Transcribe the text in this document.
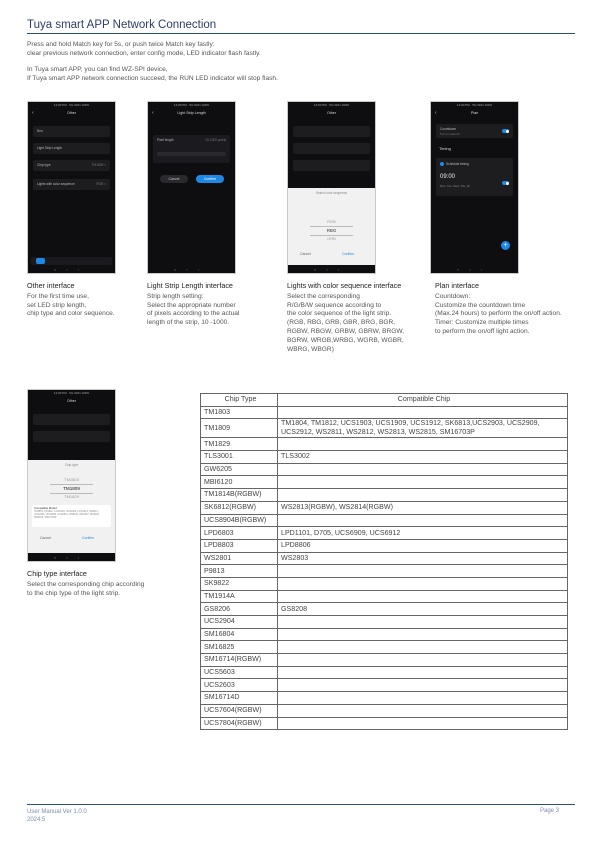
Tuya smart APP Network Connection

Press and hold Match key for 5s, or push twice Match key fastly:

clear previous network connection, enter config mode, LED indicator flash fastly.

In Tuya smart APP, you can find WZ-SPI device,

If Tuya smart APP network connection succeed, the RUN LED indicator will stop flash.

12:00 PM · 5G·WiFi·100%
‹	Other
Nvo
Light Strip Length
Chip type	TM1809 >
Lights with color sequence	RGB >
≡○‹
12:00 PM · 5G·WiFi·100%
‹	Light Strip Length
Pixel length	10-1000 pixels
Cancel	Confirm
≡○‹
12:00 PM · 5G·WiFi·100%
Other
Select color sequence
RGB
RBG
GRB
Cancel	Confirm
≡○‹
12:00 PM · 5G·WiFi·100%
‹	Plan
Countdown
Turn on after 0h
Timing
Schedule timing
09:00
Mon, Tue, Wed, Thu, Fri
+
≡○‹
Other interface
For the first time use,
set LED strip length,
chip type and color sequence.
Light Strip Length interface
Strip length setting:
Select the appropriate number
of pixels according to the actual
length of the strip, 10 -1000.
Lights with color sequence interface
Select the corresponding
R/G/B/W sequence according to
the color sequence of the light strip.
(RGB, RBG, GRB, GBR, BRG, BGR,
RGBW, RBGW, GRBW, GBRW, BRGW,
BGRW, WRGB,WRBG, WGRB, WGBR,
WBRG, WBGR)
Plan interface
Countdown:
Customize the countdown time
(Max.24 hours) to perform the on/off action.
Timer: Customize multiple times
to perform the on/off light action.
12:00 PM · 5G·WiFi·100%
Other
Chip type
TM1803
TM1809
TM1829
Compatible Model:
TM1804, TM1812, UCS1903, UCS1909, UCS1912, SK6813, UCS2903, UCS2909, UCS2912, WS2811, WS2812, WS2813, WS2815, SM16703P
Cancel	Confirm
≡○‹
Chip type interface
Select the corresponding chip according
to the chip type of the light strip.
Chip Type	Compatible Chip
TM1803	
TM1809	TM1804, TM1812, UCS1903, UCS1909, UCS1912, SK6813,UCS2903, UCS2909, UCS2912, WS2811, WS2812, WS2813, WS2815, SM16703P
TM1829	
TLS3001	TLS3002
GW6205	
MBI6120	
TM1814B(RGBW)	
SK6812(RGBW)	WS2813(RGBW), WS2814(RGBW)
UCS8904B(RGBW)	
LPD6803	LPD1101, D705, UCS6909, UCS6912
LPD8803	LPD8806
WS2801	WS2803
P9813	
SK9822	
TM1914A	
GS8206	GS8208
UCS2904	
SM16804	
SM16825	
SM16714(RGBW)	
UCS5603	
UCS2603	
SM16714D	
UCS7604(RGBW)	
UCS7804(RGBW)	
User Manual Ver 1.0.0
2024.5
Page 3
